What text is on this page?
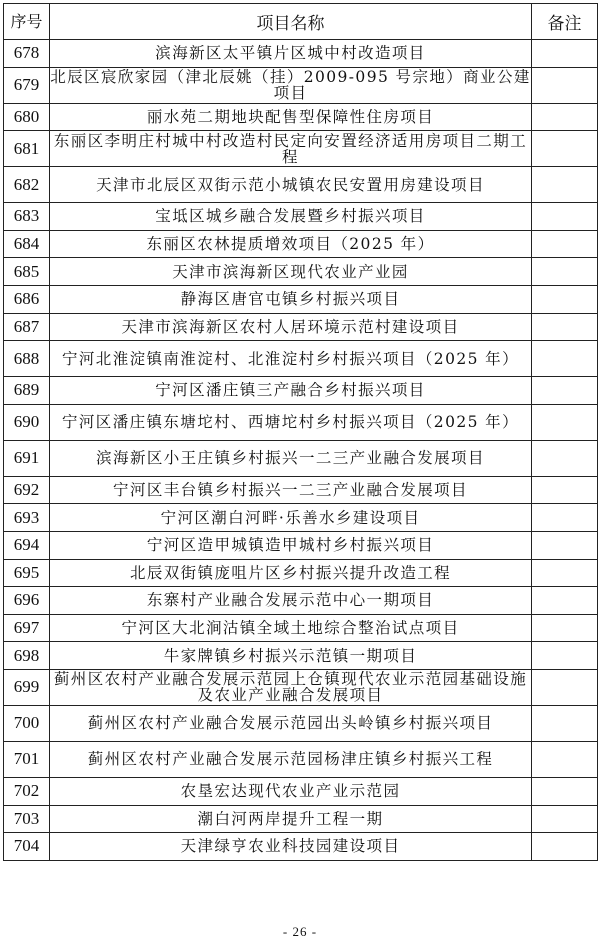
序号	项目名称	备注
678	滨海新区太平镇片区城中村改造项目	
679	北辰区宸欣家园（津北辰姚（挂）2009-095 号宗地）商业公建项目	
680	丽水苑二期地块配售型保障性住房项目	
681	东丽区李明庄村城中村改造村民定向安置经济适用房项目二期工程	
682	天津市北辰区双街示范小城镇农民安置用房建设项目	
683	宝坻区城乡融合发展暨乡村振兴项目	
684	东丽区农林提质增效项目（2025 年）	
685	天津市滨海新区现代农业产业园	
686	静海区唐官屯镇乡村振兴项目	
687	天津市滨海新区农村人居环境示范村建设项目	
688	宁河北淮淀镇南淮淀村、北淮淀村乡村振兴项目（2025 年）	
689	宁河区潘庄镇三产融合乡村振兴项目	
690	宁河区潘庄镇东塘坨村、西塘坨村乡村振兴项目（2025 年）	
691	滨海新区小王庄镇乡村振兴一二三产业融合发展项目	
692	宁河区丰台镇乡村振兴一二三产业融合发展项目	
693	宁河区潮白河畔·乐善水乡建设项目	
694	宁河区造甲城镇造甲城村乡村振兴项目	
695	北辰双街镇庞咀片区乡村振兴提升改造工程	
696	东寨村产业融合发展示范中心一期项目	
697	宁河区大北涧沽镇全域土地综合整治试点项目	
698	牛家牌镇乡村振兴示范镇一期项目	
699	蓟州区农村产业融合发展示范园上仓镇现代农业示范园基础设施及农业产业融合发展项目	
700	蓟州区农村产业融合发展示范园出头岭镇乡村振兴项目	
701	蓟州区农村产业融合发展示范园杨津庄镇乡村振兴工程	
702	农垦宏达现代农业产业示范园	
703	潮白河两岸提升工程一期	
704	天津绿亨农业科技园建设项目	
- 26 -
